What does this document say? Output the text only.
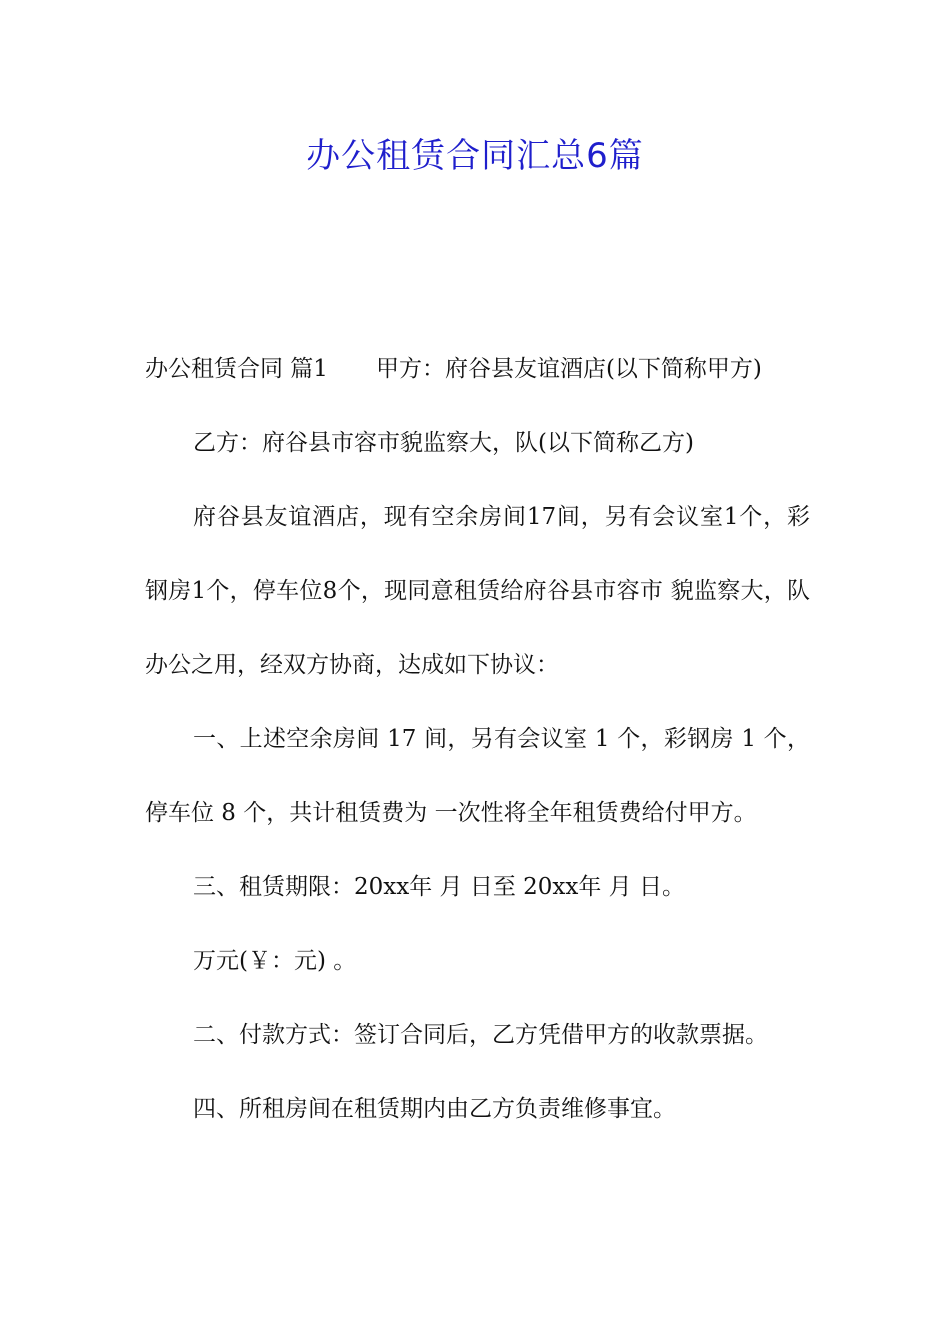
办公租赁合同汇总6篇

办公租赁合同 篇1 甲方：府谷县友谊酒店(以下简称甲方)

乙方：府谷县市容市貌监察大，队(以下简称乙方)

府谷县友谊酒店，现有空余房间17间，另有会议室1个，彩钢房1个，停车位8个，现同意租赁给府谷县市容市 貌监察大，队办公之用，经双方协商，达成如下协议：

一、上述空余房间 17 间，另有会议室 1 个，彩钢房 1 个，停车位 8 个，共计租赁费为 一次性将全年租赁费给付甲方。

三、租赁期限：20xx年 月 日至 20xx年 月 日。

万元(￥：元) 。

二、付款方式：签订合同后，乙方凭借甲方的收款票据。

四、所租房间在租赁期内由乙方负责维修事宜。
